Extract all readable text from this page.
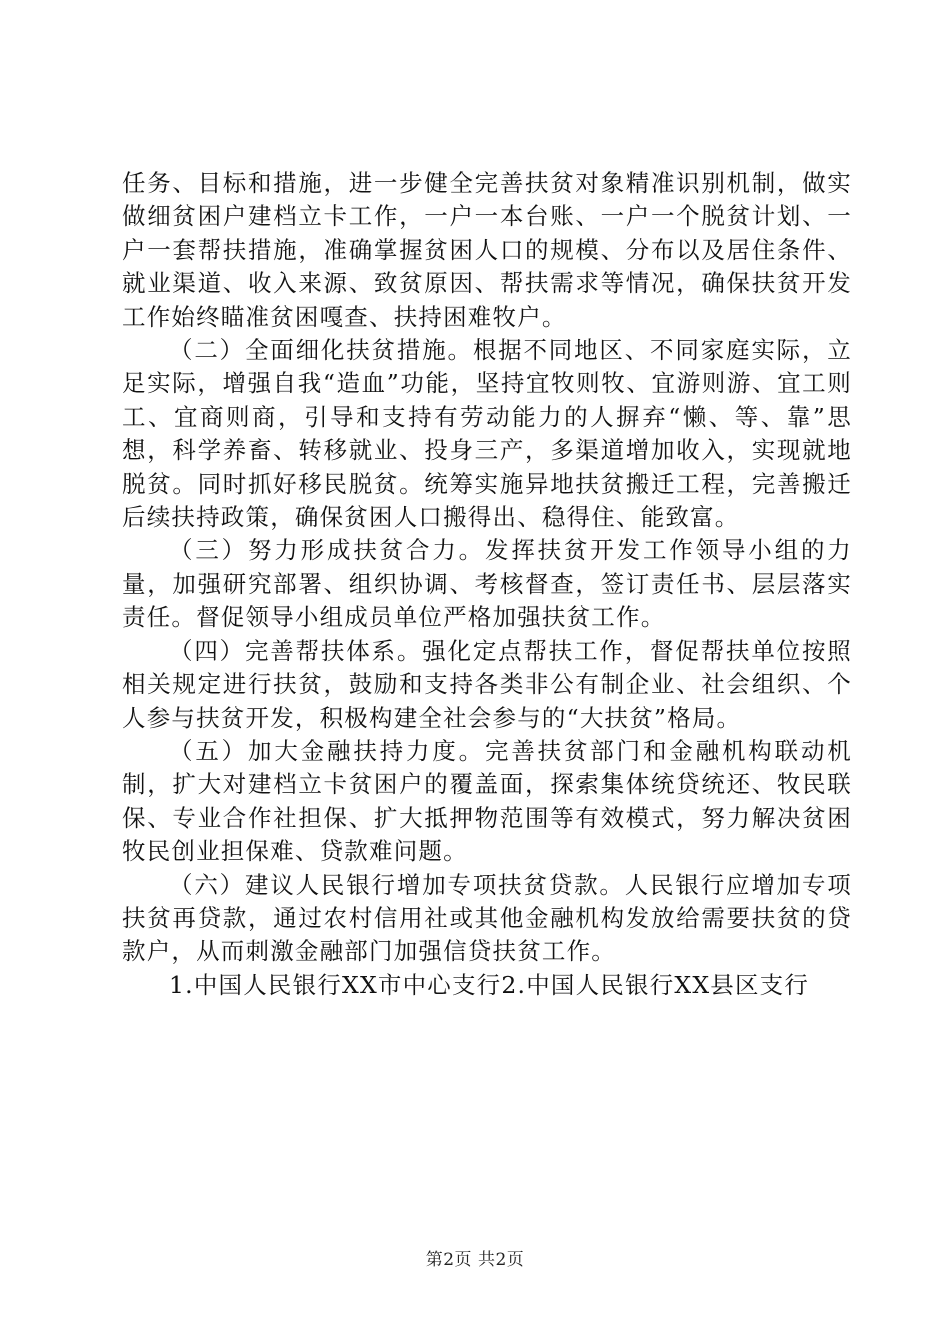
任务、目标和措施，进一步健全完善扶贫对象精准识别机制，做实做细贫困户建档立卡工作，一户一本台账、一户一个脱贫计划、一户一套帮扶措施，准确掌握贫困人口的规模、分布以及居住条件、就业渠道、收入来源、致贫原因、帮扶需求等情况，确保扶贫开发工作始终瞄准贫困嘎查、扶持困难牧户。

（二）全面细化扶贫措施。根据不同地区、不同家庭实际，立足实际，增强自我“造血”功能，坚持宜牧则牧、宜游则游、宜工则工、宜商则商，引导和支持有劳动能力的人摒弃“懒、等、靠”思想，科学养畜、转移就业、投身三产，多渠道增加收入，实现就地脱贫。同时抓好移民脱贫。统筹实施异地扶贫搬迁工程，完善搬迁后续扶持政策，确保贫困人口搬得出、稳得住、能致富。

（三）努力形成扶贫合力。发挥扶贫开发工作领导小组的力量，加强研究部署、组织协调、考核督查，签订责任书、层层落实责任。督促领导小组成员单位严格加强扶贫工作。

（四）完善帮扶体系。强化定点帮扶工作，督促帮扶单位按照相关规定进行扶贫，鼓励和支持各类非公有制企业、社会组织、个人参与扶贫开发，积极构建全社会参与的“大扶贫”格局。

（五）加大金融扶持力度。完善扶贫部门和金融机构联动机制，扩大对建档立卡贫困户的覆盖面，探索集体统贷统还、牧民联保、专业合作社担保、扩大抵押物范围等有效模式，努力解决贫困牧民创业担保难、贷款难问题。

（六）建议人民银行增加专项扶贫贷款。人民银行应增加专项扶贫再贷款，通过农村信用社或其他金融机构发放给需要扶贫的贷款户，从而刺激金融部门加强信贷扶贫工作。

1.中国人民银行XX市中心支行2.中国人民银行XX县区支行

第2页 共2页
